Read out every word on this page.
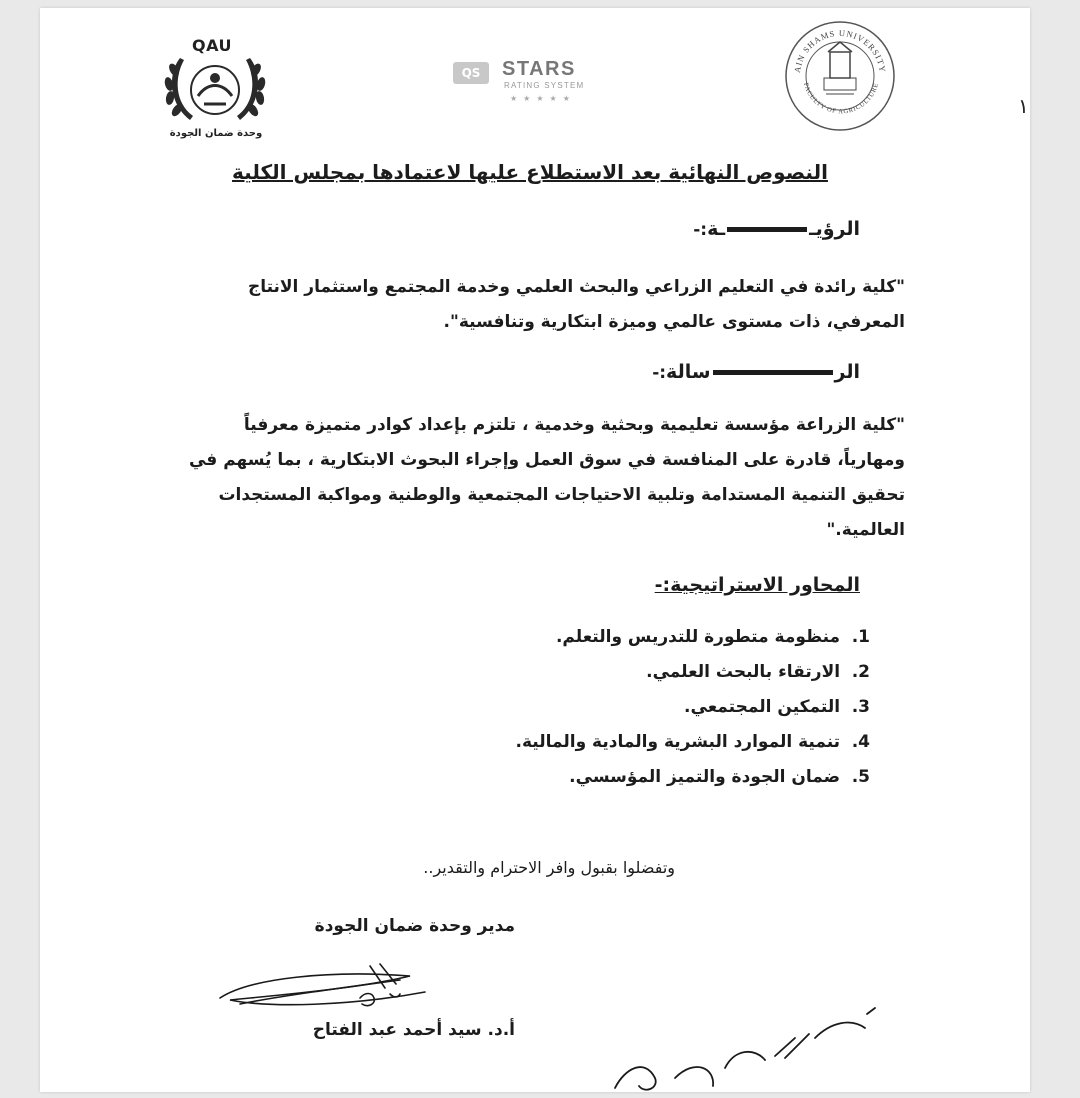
QAU
وحدة ضمان الجودة
QS	STARS
RATING SYSTEM
★★★★★
AIN SHAMS UNIVERSITY
FACULTY OF AGRICULTURE
١
النصوص النهائية بعد الاستطلاع عليها لاعتمادها بمجلس الكلية
الرؤيــة:-
"كلية رائدة في التعليم الزراعي والبحث العلمي وخدمة المجتمع واستثمار الانتاج
المعرفي، ذات مستوى عالمي وميزة ابتكارية وتنافسية".
الرسالة:-
"كلية الزراعة مؤسسة تعليمية وبحثية وخدمية ، تلتزم بإعداد كوادر متميزة معرفياً
ومهارياً، قادرة على المنافسة في سوق العمل وإجراء البحوث الابتكارية ، بما يُسهم في
تحقيق التنمية المستدامة وتلبية الاحتياجات المجتمعية والوطنية ومواكبة المستجدات
العالمية."
المحاور الاستراتيجية:-
1. منظومة متطورة للتدريس والتعلم.
2. الارتقاء بالبحث العلمي.
3. التمكين المجتمعي.
4. تنمية الموارد البشرية والمادية والمالية.
5. ضمان الجودة والتميز المؤسسي.
وتفضلوا بقبول وافر الاحترام والتقدير..
مدير وحدة ضمان الجودة
أ.د. سيد أحمد عبد الفتاح
